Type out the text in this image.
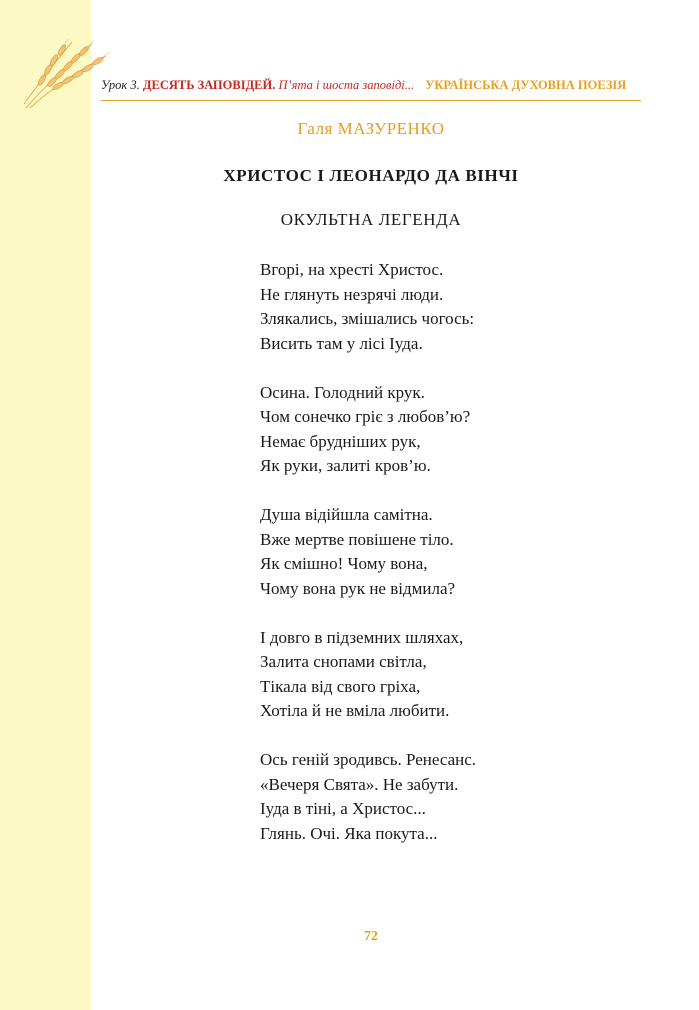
Урок 3. ДЕСЯТЬ ЗАПОВІДЕЙ. П’ята і шоста заповіді... УКРАЇНСЬКА ДУХОВНА ПОЕЗІЯ
Галя МАЗУРЕНКО
ХРИСТОС І ЛЕОНАРДО ДА ВІНЧІ
ОКУЛЬТНА ЛЕГЕНДА
Вгорі, на хресті Христос.
Не глянуть незрячі люди.
Злякались, змішались чогось:
Висить там у лісі Іуда.
Осина. Голодний крук.
Чом сонечко гріє з любов’ю?
Немає брудніших рук,
Як руки, залиті кров’ю.
Душа відійшла самітна.
Вже мертве повішене тіло.
Як смішно! Чому вона,
Чому вона рук не відмила?
І довго в підземних шляхах,
Залита снопами світла,
Тікала від свого гріха,
Хотіла й не вміла любити.
Ось геній зродивсь. Ренесанс.
«Вечеря Свята». Не забути.
Іуда в тіні, а Христос...
Глянь. Очі. Яка покута...
72
